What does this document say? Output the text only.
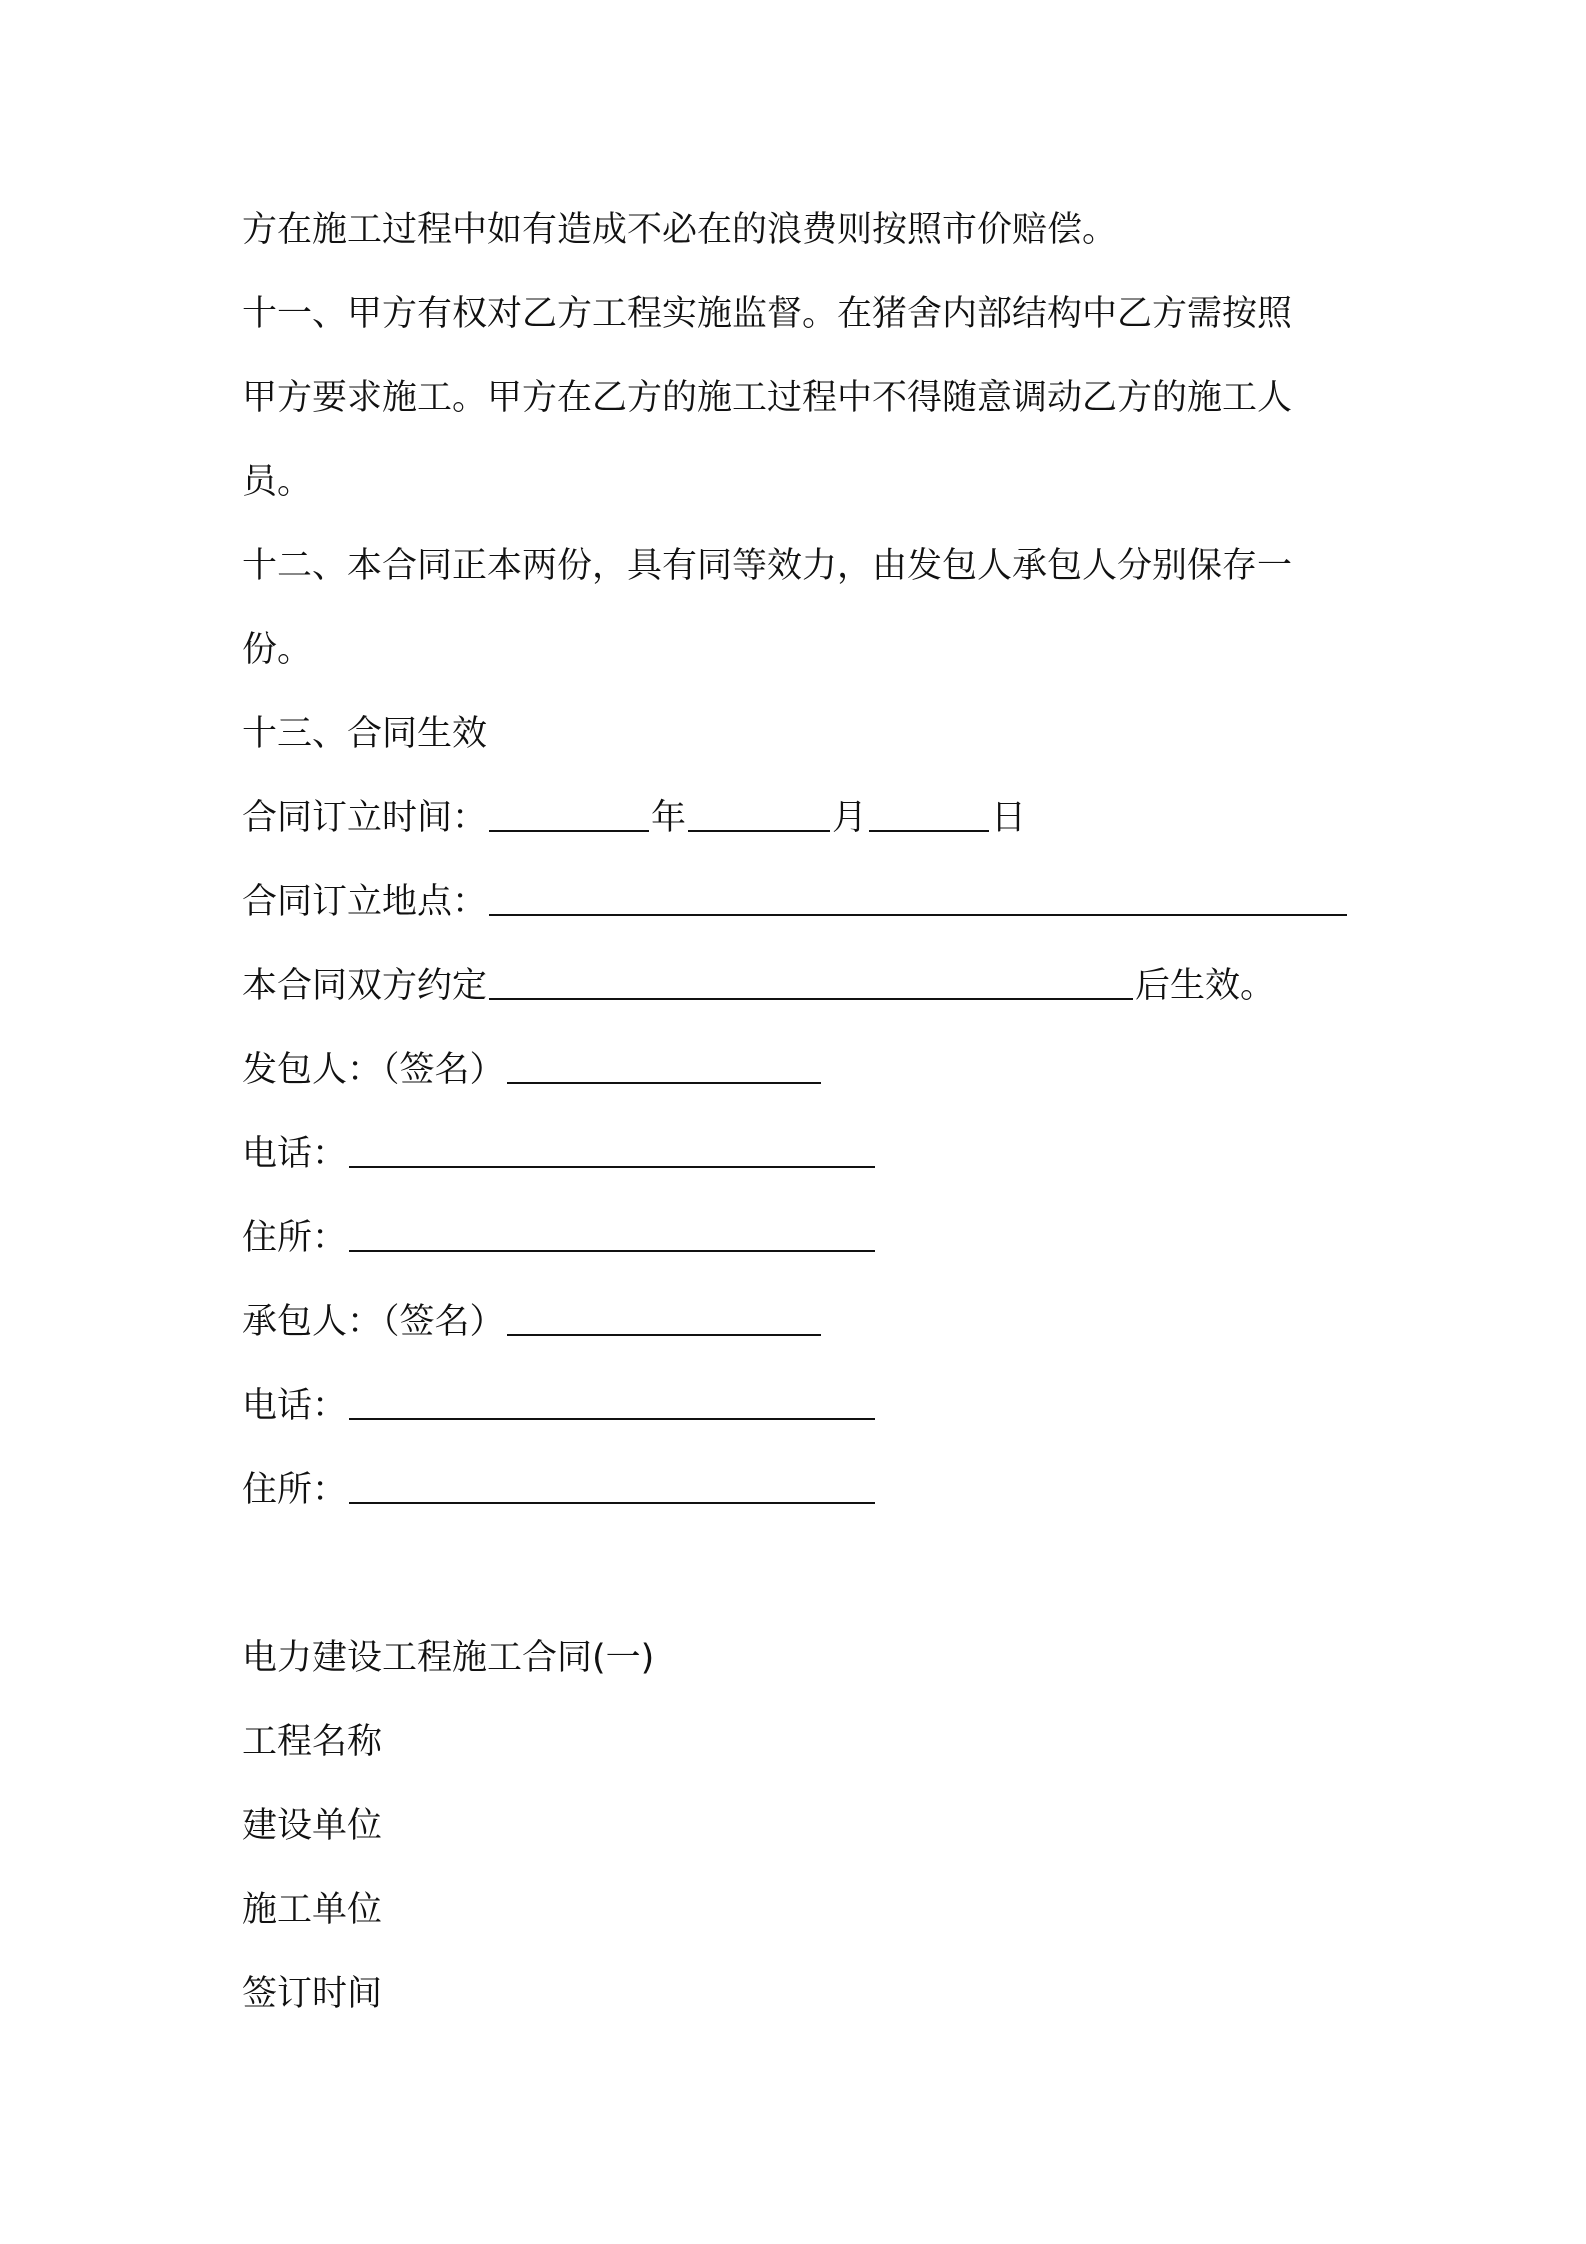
方在施工过程中如有造成不必在的浪费则按照市价赔偿。
十一、甲方有权对乙方工程实施监督。在猪舍内部结构中乙方需按照
甲方要求施工。甲方在乙方的施工过程中不得随意调动乙方的施工人
员。
十二、本合同正本两份，具有同等效力，由发包人承包人分别保存一
份。
十三、合同生效
合同订立时间：	年	月	日
合同订立地点：
本合同双方约定	后生效。
发包人：（签名）
电话：
住所：
承包人：（签名）
电话：
住所：
电力建设工程施工合同(一)
工程名称
建设单位
施工单位
签订时间
